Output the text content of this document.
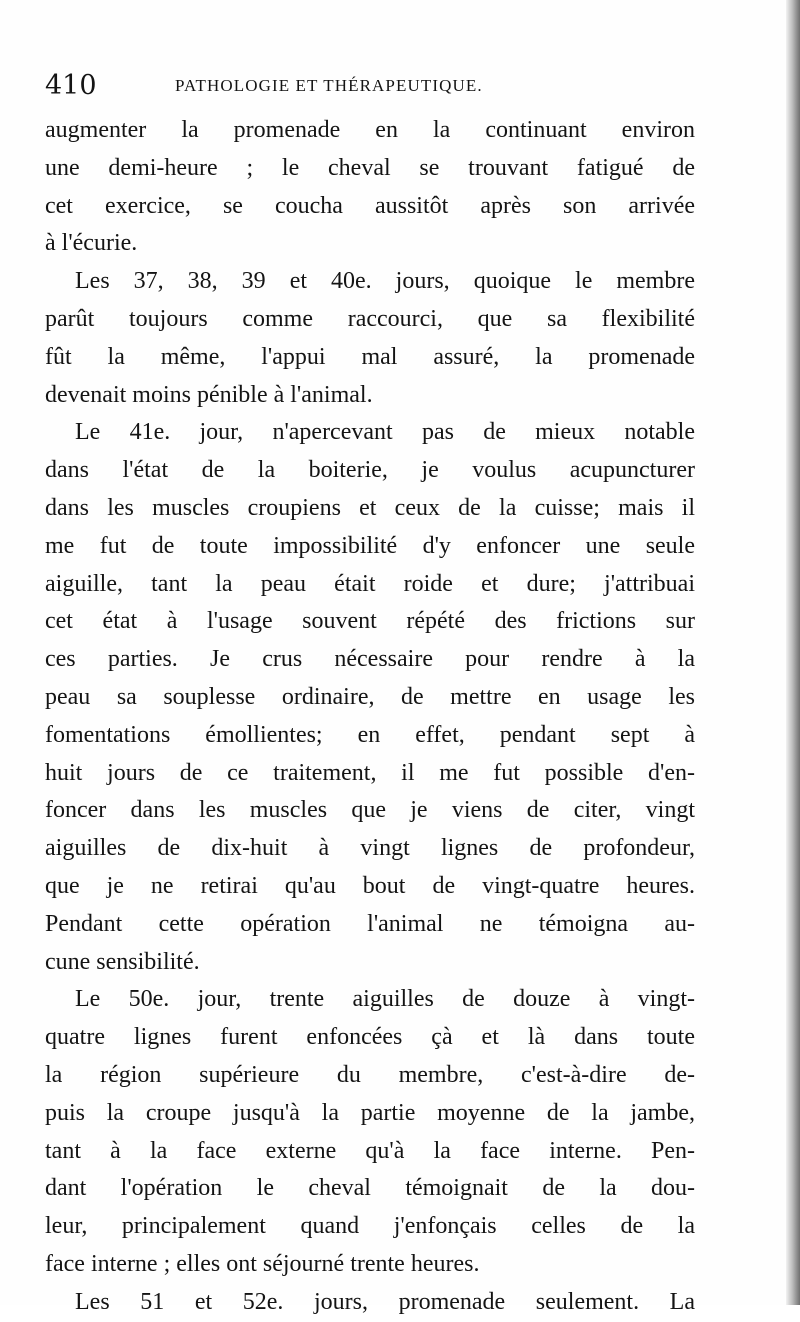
410	PATHOLOGIE ET THÉRAPEUTIQUE.
augmenter la promenade en la continuant environ
une demi-heure ; le cheval se trouvant fatigué de
cet exercice, se coucha aussitôt après son arrivée
à l'écurie.
Les 37, 38, 39 et 40e. jours, quoique le membre
parût toujours comme raccourci, que sa flexibilité
fût la même, l'appui mal assuré, la promenade
devenait moins pénible à l'animal.
Le 41e. jour, n'apercevant pas de mieux notable
dans l'état de la boiterie, je voulus acupuncturer
dans les muscles croupiens et ceux de la cuisse; mais il
me fut de toute impossibilité d'y enfoncer une seule
aiguille, tant la peau était roide et dure; j'attribuai
cet état à l'usage souvent répété des frictions sur
ces parties. Je crus nécessaire pour rendre à la
peau sa souplesse ordinaire, de mettre en usage les
fomentations émollientes; en effet, pendant sept à
huit jours de ce traitement, il me fut possible d'en-
foncer dans les muscles que je viens de citer, vingt
aiguilles de dix-huit à vingt lignes de profondeur,
que je ne retirai qu'au bout de vingt-quatre heures.
Pendant cette opération l'animal ne témoigna au-
cune sensibilité.
Le 50e. jour, trente aiguilles de douze à vingt-
quatre lignes furent enfoncées çà et là dans toute
la région supérieure du membre, c'est-à-dire de-
puis la croupe jusqu'à la partie moyenne de la jambe,
tant à la face externe qu'à la face interne. Pen-
dant l'opération le cheval témoignait de la dou-
leur, principalement quand j'enfonçais celles de la
face interne ; elles ont séjourné trente heures.
Les 51 et 52e. jours, promenade seulement. La
